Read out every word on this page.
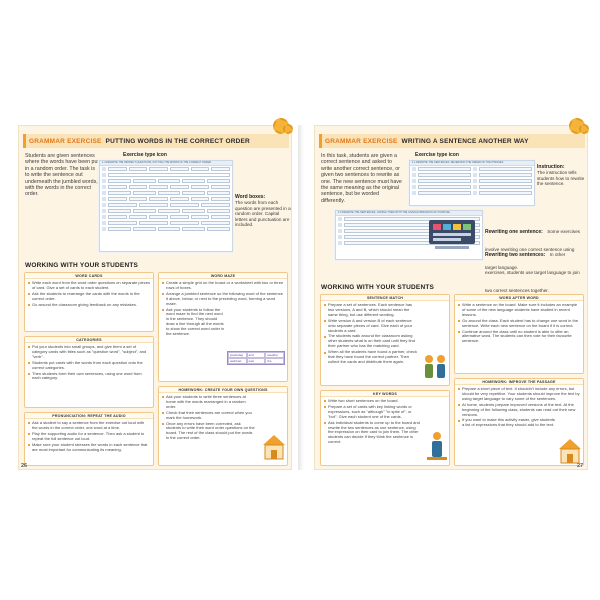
GRAMMAR EXERCISE PUTTING WORDS IN THE CORRECT ORDER
Students are given sentences where the words have been put in a random order. The task is to write the sentence out underneath the jumbled words, with the words in the correct order.
Exercise type icon
1.4 REWRITE THE INDIRECT QUESTIONS, PUTTING THE WORDS IN THE CORRECT ORDER
Word boxes:
The words from each question are presented in a random order. Capital letters and punctuation are included.
WORKING WITH YOUR STUDENTS
WORD CARDS
Write each word from the word order questions on separate pieces of card. Give a set of cards to each student.
Ask the students to rearrange the cards with the words in the correct order.
Go around the classroom giving feedback on any mistakes.
CATEGORIES
Put your students into small groups, and give them a set of category cards with titles such as "question word", "subject", and "verb".
Students put cards with the words from each question onto the correct categories.
Then students form their own sentences, using one word from each category.
PRONUNCIATION: REPEAT THE AUDIO
Ask a student to say a sentence from the exercise out loud with the words in the correct order, one word at a time.
Play the supporting audio for a sentence. Then ask a student to repeat the full sentence out loud.
Make sure your student stresses the words in each sentence that are most important for communicating its meaning.
WORD MAZE
Create a simple grid on the board or a worksheet with two or three rows of boxes.
Arrange a jumbled sentence so the following word of the sentence it above, below, or next to the preceding word, forming a word maze.
Ask your students to follow the word maze to find the next word in the sentence. They should draw a line through all the words to show the correct word order in the sentence.
yesterday	and	weather
watched	was	the
HOMEWORK: CREATE YOUR OWN QUESTIONS
Ask your students to write three sentences at home with the words rearranged in a random order.
Check that their sentences are correct when you mark the homework.
Once any errors have been corrected, ask students to write their word order questions on the board. The rest of the class should put the words in the correct order.
26
GRAMMAR EXERCISE WRITING A SENTENCE ANOTHER WAY
In this task, students are given a correct sentence and asked to write another correct sentence, or given two sentences to rewrite as one. The new sentence must have the same meaning as the original sentence, but be worded differently.
Exercise type icon
1.1 REWRITE THE SENTENCES, REVERSING THE ORDER OF THE PHRASES
1.5 REWRITE THE SENTENCES, JOINING THEM WITH THE GIVEN EXPRESSION OF PURPOSE
Instruction:
The instruction tells students how to rewrite the sentence.
Rewriting one sentence: Some exercises involve rewriting one correct sentence using target language.
Rewriting two sentences: In other exercises, students use target language to join two correct sentences together.
WORKING WITH YOUR STUDENTS
SENTENCE MATCH
Prepare a set of sentences. Each sentence has two versions, A and B, which should mean the same thing, but use different wording.
Write version A and version B of each sentence onto separate pieces of card. Give each of your students a card.
The students walk around the classroom asking other students what is on their card until they find their partner who has the matching card.
When all the students have found a partner, check that they have found the correct partner. Then collect the cards and distribute them again.
KEY WORDS
Write two short sentences on the board.
Prepare a set of cards with key linking words or expressions, such as "although" "in spite of", or "but". Give each student one of the cards.
Ask individual students to come up to the board and rewrite the two sentences as one sentence, using the expression on their card to join them. The other students can decide if they think the sentence is correct.
WORD AFTER WORD
Write a sentence on the board. Make sure it includes an example of some of the new language students have studied in recent lessons.
Go around the class. Each student has to change one word in the sentence. Write each new sentence on the board if it is correct.
Continue around the class until no student is able to offer an alternative word. The students can then vote for their favourite sentence.
HOMEWORK: IMPROVE THE PASSAGE
Prepare a short piece of text. It shouldn't include any errors, but should be very repetitive. Your students should improve the text by using target language to vary some of the sentences.
At home, students prepare improved versions of the text. At the beginning of the following class, students can read out their new versions.
If you want to make this activity easier, give students a list of expressions that they should add to the text.
27
